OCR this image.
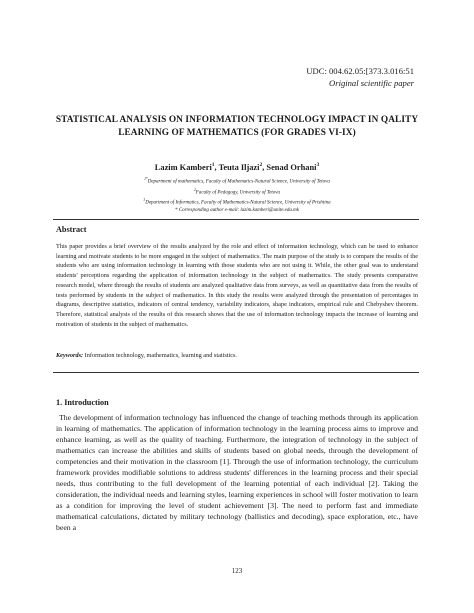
UDC: 004.62.05:[373.3.016:51
Original scientific paper
STATISTICAL ANALYSIS ON INFORMATION TECHNOLOGY IMPACT IN QALITY LEARNING OF MATHEMATICS (FOR GRADES VI-IX)
Lazim Kamberi$^1$, Teuta Iljazi$^2$, Senad Orhani$^3$
$^{1*}$Department of mathematics, Faculty of Mathematics-Natural Science, University of Tetova
$^2$Faculty of Pedagogy, University of Tetova
$^3$Department of Informatics, Faculty of Mathematics-Natural Science, University of Prishtina
* Corresponding author e-mail: lazim.kamberi@unite.edu.mk
Abstract
This paper provides a brief overview of the results analyzed by the role and effect of information technology, which can be used to enhance learning and motivate students to be more engaged in the subject of mathematics. The main purpose of the study is to compare the results of the students who are using information technology in learning with those students who are not using it. While, the other goal was to understand students' perceptions regarding the application of information technology in the subject of mathematics. The study presents comparative research model, where through the results of students are analyzed qualitative data from surveys, as well as quantitative data from the results of tests performed by students in the subject of mathematics. In this study the results were analyzed through the presentation of percentages in diagrams, descriptive statistics, indicators of central tendency, variability indicators, shape indicators, empirical rule and Chebyshev theorem. Therefore, statistical analysis of the results of this research shows that the use of information technology impacts the increase of learning and motivation of students in the subject of mathematics.
Keywords: Information technology, mathematics, learning and statistics.
1. Introduction
The development of information technology has influenced the change of teaching methods through its application in learning of mathematics. The application of information technology in the learning process aims to improve and enhance learning, as well as the quality of teaching. Furthermore, the integration of technology in the subject of mathematics can increase the abilities and skills of students based on global needs, through the development of competencies and their motivation in the classroom [1]. Through the use of information technology, the curriculum framework provides modifiable solutions to address students' differences in the learning process and their special needs, thus contributing to the full development of the learning potential of each individual [2]. Taking the consideration, the individual needs and learning styles, learning experiences in school will foster motivation to learn as a condition for improving the level of student achievement [3]. The need to perform fast and immediate mathematical calculations, dictated by military technology (ballistics and decoding), space exploration, etc., have been a
123
